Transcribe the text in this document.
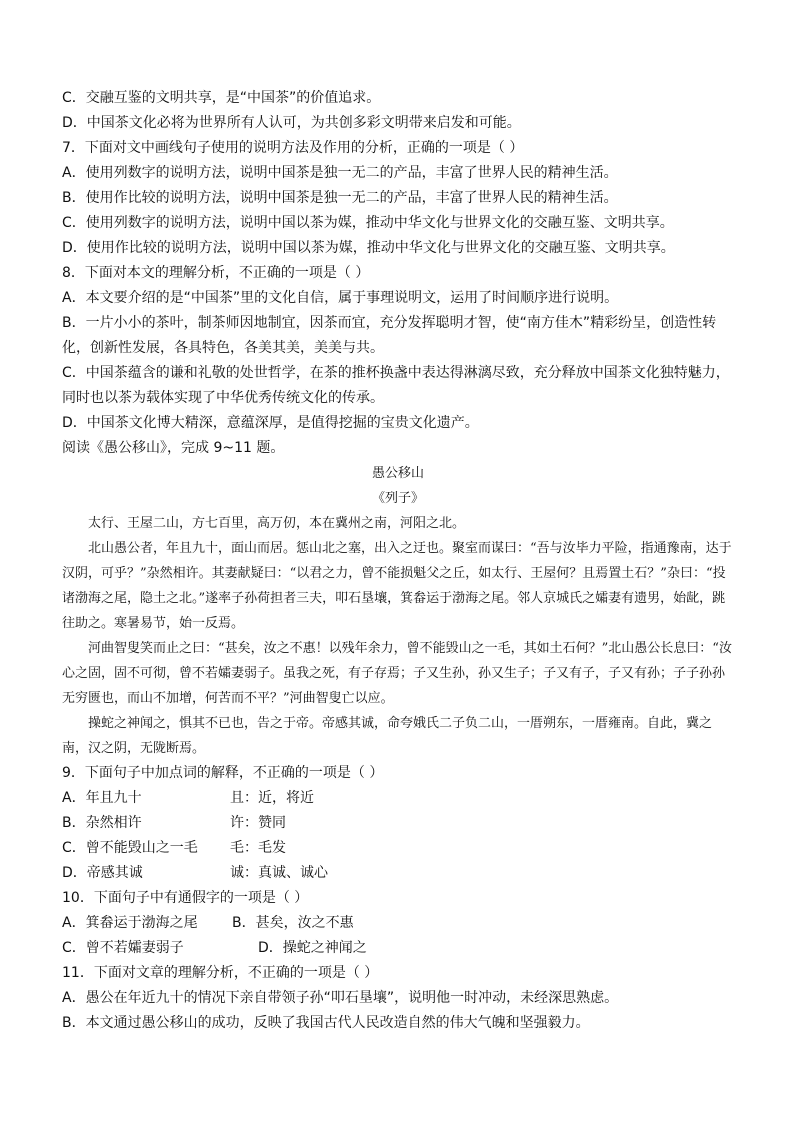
C．交融互鉴的文明共享，是“中国茶”的价值追求。

D．中国茶文化必将为世界所有人认可，为共创多彩文明带来启发和可能。

7．下面对文中画线句子使用的说明方法及作用的分析，正确的一项是（ ）

A．使用列数字的说明方法，说明中国茶是独一无二的产品，丰富了世界人民的精神生活。

B．使用作比较的说明方法，说明中国茶是独一无二的产品，丰富了世界人民的精神生活。

C．使用列数字的说明方法，说明中国以茶为媒，推动中华文化与世界文化的交融互鉴、文明共享。

D．使用作比较的说明方法，说明中国以茶为媒，推动中华文化与世界文化的交融互鉴、文明共享。

8．下面对本文的理解分析，不正确的一项是（ ）

A．本文要介绍的是“中国茶”里的文化自信，属于事理说明文，运用了时间顺序进行说明。

B．一片小小的茶叶，制茶师因地制宜，因茶而宜，充分发挥聪明才智，使“南方佳木”精彩纷呈，创造性转化，创新性发展，各具特色，各美其美，美美与共。

C．中国茶蕴含的谦和礼敬的处世哲学，在茶的推杯换盏中表达得淋漓尽致，充分释放中国茶文化独特魅力，同时也以茶为载体实现了中华优秀传统文化的传承。

D．中国茶文化博大精深，意蕴深厚，是值得挖掘的宝贵文化遗产。

阅读《愚公移山》，完成 9~11 题。

愚公移山

《列子》

太行、王屋二山，方七百里，高万仞，本在冀州之南，河阳之北。

北山愚公者，年且九十，面山而居。惩山北之塞，出入之迂也。聚室而谋曰：“吾与汝毕力平险，指通豫南，达于汉阴，可乎？”杂然相许。其妻献疑曰：“以君之力，曾不能损魁父之丘，如太行、王屋何？且焉置土石？”杂曰：“投诸渤海之尾，隐土之北。”遂率子孙荷担者三夫，叩石垦壤，箕畚运于渤海之尾。邻人京城氏之孀妻有遗男，始龀，跳往助之。寒暑易节，始一反焉。

河曲智叟笑而止之曰：“甚矣，汝之不惠！以残年余力，曾不能毁山之一毛，其如土石何？”北山愚公长息曰：“汝心之固，固不可彻，曾不若孀妻弱子。虽我之死，有子存焉；子又生孙，孙又生子；子又有子，子又有孙；子子孙孙无穷匮也，而山不加增，何苦而不平？”河曲智叟亡以应。

操蛇之神闻之，惧其不已也，告之于帝。帝感其诚，命夸娥氏二子负二山，一厝朔东，一厝雍南。自此，冀之南，汉之阴，无陇断焉。

9．下面句子中加点词的解释，不正确的一项是（ ）

A．年且九十	且：近，将近
B．杂然相许	许：赞同
C．曾不能毁山之一毛	毛：毛发
D．帝感其诚	诚：真诚、诚心

10．下面句子中有通假字的一项是（ ）

A．箕畚运于渤海之尾	B．甚矣，汝之不惠
C．曾不若孀妻弱子	D．操蛇之神闻之

11．下面对文章的理解分析，不正确的一项是（ ）

A．愚公在年近九十的情况下亲自带领子孙“叩石垦壤”，说明他一时冲动，未经深思熟虑。

B．本文通过愚公移山的成功，反映了我国古代人民改造自然的伟大气魄和坚强毅力。
